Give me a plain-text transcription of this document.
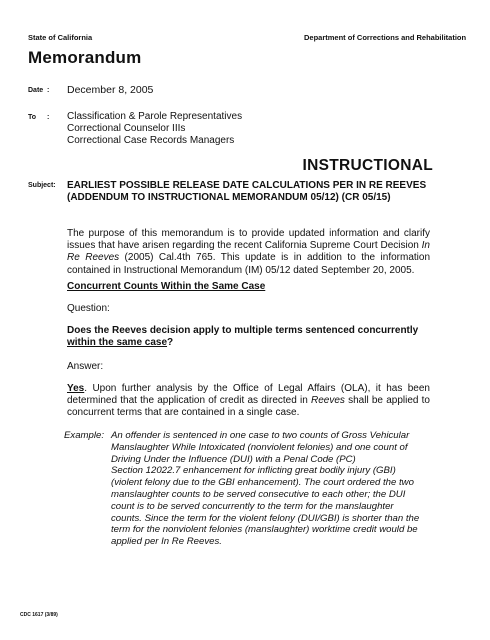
State of California	Department of Corrections and Rehabilitation
Memorandum
Date : December 8, 2005
To : Classification & Parole Representatives
Correctional Counselor IIIs
Correctional Case Records Managers
INSTRUCTIONAL
Subject: EARLIEST POSSIBLE RELEASE DATE CALCULATIONS PER IN RE REEVES
(ADDENDUM TO INSTRUCTIONAL MEMORANDUM 05/12) (CR 05/15)
The purpose of this memorandum is to provide updated information and clarify issues that have arisen regarding the recent California Supreme Court Decision In Re Reeves (2005) Cal.4th 765. This update is in addition to the information contained in Instructional Memorandum (IM) 05/12 dated September 20, 2005.
Concurrent Counts Within the Same Case
Question:
Does the Reeves decision apply to multiple terms sentenced concurrently within the same case?
Answer:
Yes. Upon further analysis by the Office of Legal Affairs (OLA), it has been determined that the application of credit as directed in Reeves shall be applied to concurrent terms that are contained in a single case.
Example: An offender is sentenced in one case to two counts of Gross Vehicular
Manslaughter While Intoxicated (nonviolent felonies) and one count of
Driving Under the Influence (DUI) with a Penal Code (PC)
Section 12022.7 enhancement for inflicting great bodily injury (GBI)
(violent felony due to the GBI enhancement). The court ordered the two
manslaughter counts to be served consecutive to each other; the DUI
count is to be served concurrently to the term for the manslaughter
counts. Since the term for the violent felony (DUI/GBI) is shorter than the
term for the nonviolent felonies (manslaughter) worktime credit would be
applied per In Re Reeves.
CDC 1617 (3/89)
